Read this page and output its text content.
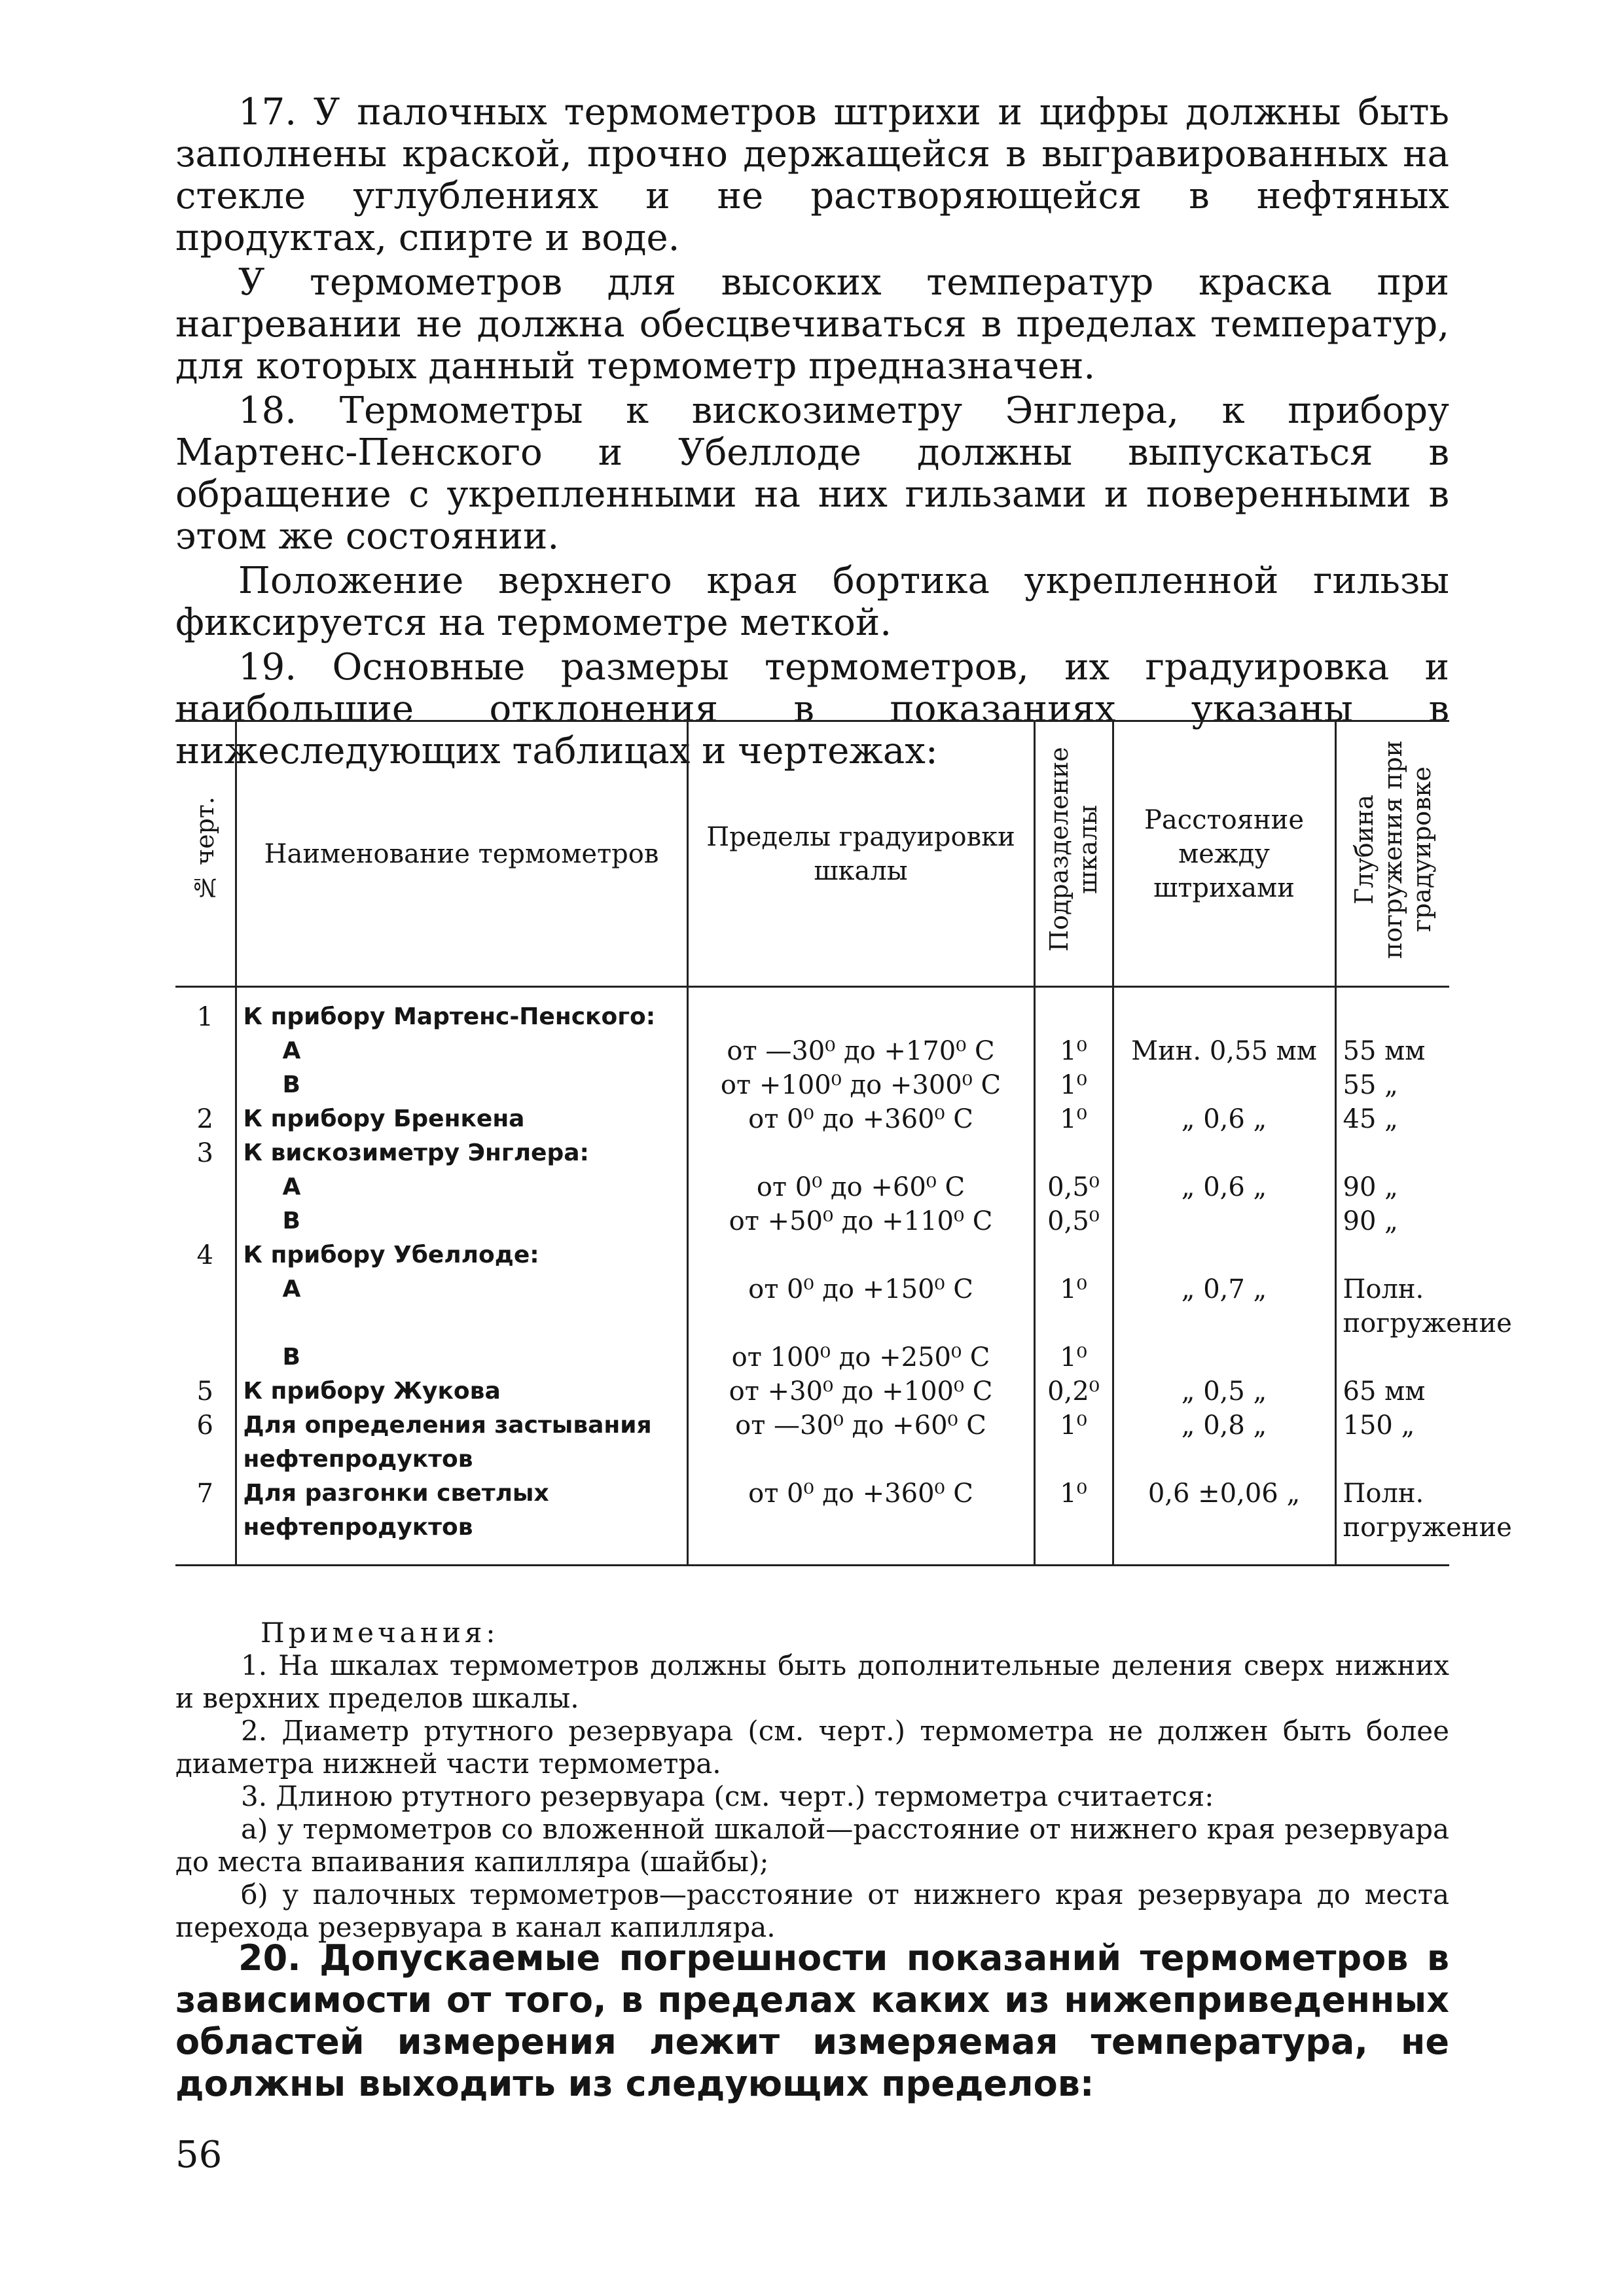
17. У палочных термометров штрихи и цифры должны быть заполнены краской, прочно держащейся в выгравированных на стекле углублениях и не растворяющейся в нефтяных продуктах, спирте и воде.

У термометров для высоких температур краска при нагревании не должна обесцвечиваться в пределах температур, для которых данный термометр предназначен.

18. Термометры к вискозиметру Энглера, к прибору Мартенс-Пенского и Убеллоде должны выпускаться в обращение с укрепленными на них гильзами и поверенными в этом же состоянии.

Положение верхнего края бортика укрепленной гильзы фиксируется на термометре меткой.

19. Основные размеры термометров, их градуировка и наибольшие отклонения в показаниях указаны в нижеследующих таблицах и чертежах:

№ черт.	Наименование термометров	Пределы градуировки шкалы	Подразделение шкалы	Расстояние между штрихами	Глубина погружения при градуировке

1	К прибору Мартенс-Пенского:				
	А	от —30⁰ до +170⁰ С	1⁰	Мин. 0,55 мм	55 мм
	В	от +100⁰ до +300⁰ С	1⁰		55 „
2	К прибору Бренкена	от 0⁰ до +360⁰ С	1⁰	„ 0,6 „	45 „
3	К вискозиметру Энглера:				
	А	от 0⁰ до +60⁰ С	0,5⁰	„ 0,6 „	90 „
	В	от +50⁰ до +110⁰ С	0,5⁰		90 „
4	К прибору Убеллоде:				
	А	от 0⁰ до +150⁰ С	1⁰	„ 0,7 „	Полн. погружение
	В	от 100⁰ до +250⁰ С	1⁰		
5	К прибору Жукова	от +30⁰ до +100⁰ С	0,2⁰	„ 0,5 „	65 мм
6	Для определения застывания нефтепродуктов	от —30⁰ до +60⁰ С	1⁰	„ 0,8 „	150 „
7	Для разгонки светлых нефтепродуктов	от 0⁰ до +360⁰ С	1⁰	0,6 ±0,06 „	Полн. погружение
Примечания:

1. На шкалах термометров должны быть дополнительные деления сверх нижних и верхних пределов шкалы.

2. Диаметр ртутного резервуара (см. черт.) термометра не должен быть более диаметра нижней части термометра.

3. Длиною ртутного резервуара (см. черт.) термометра считается:

а) у термометров со вложенной шкалой—расстояние от нижнего края резервуара до места впаивания капилляра (шайбы);

б) у палочных термометров—расстояние от нижнего края резервуара до места перехода резервуара в канал капилляра.

20. Допускаемые погрешности показаний термометров в зависимости от того, в пределах каких из нижеприведенных областей измерения лежит измеряемая температура, не должны выходить из следующих пределов:

56
